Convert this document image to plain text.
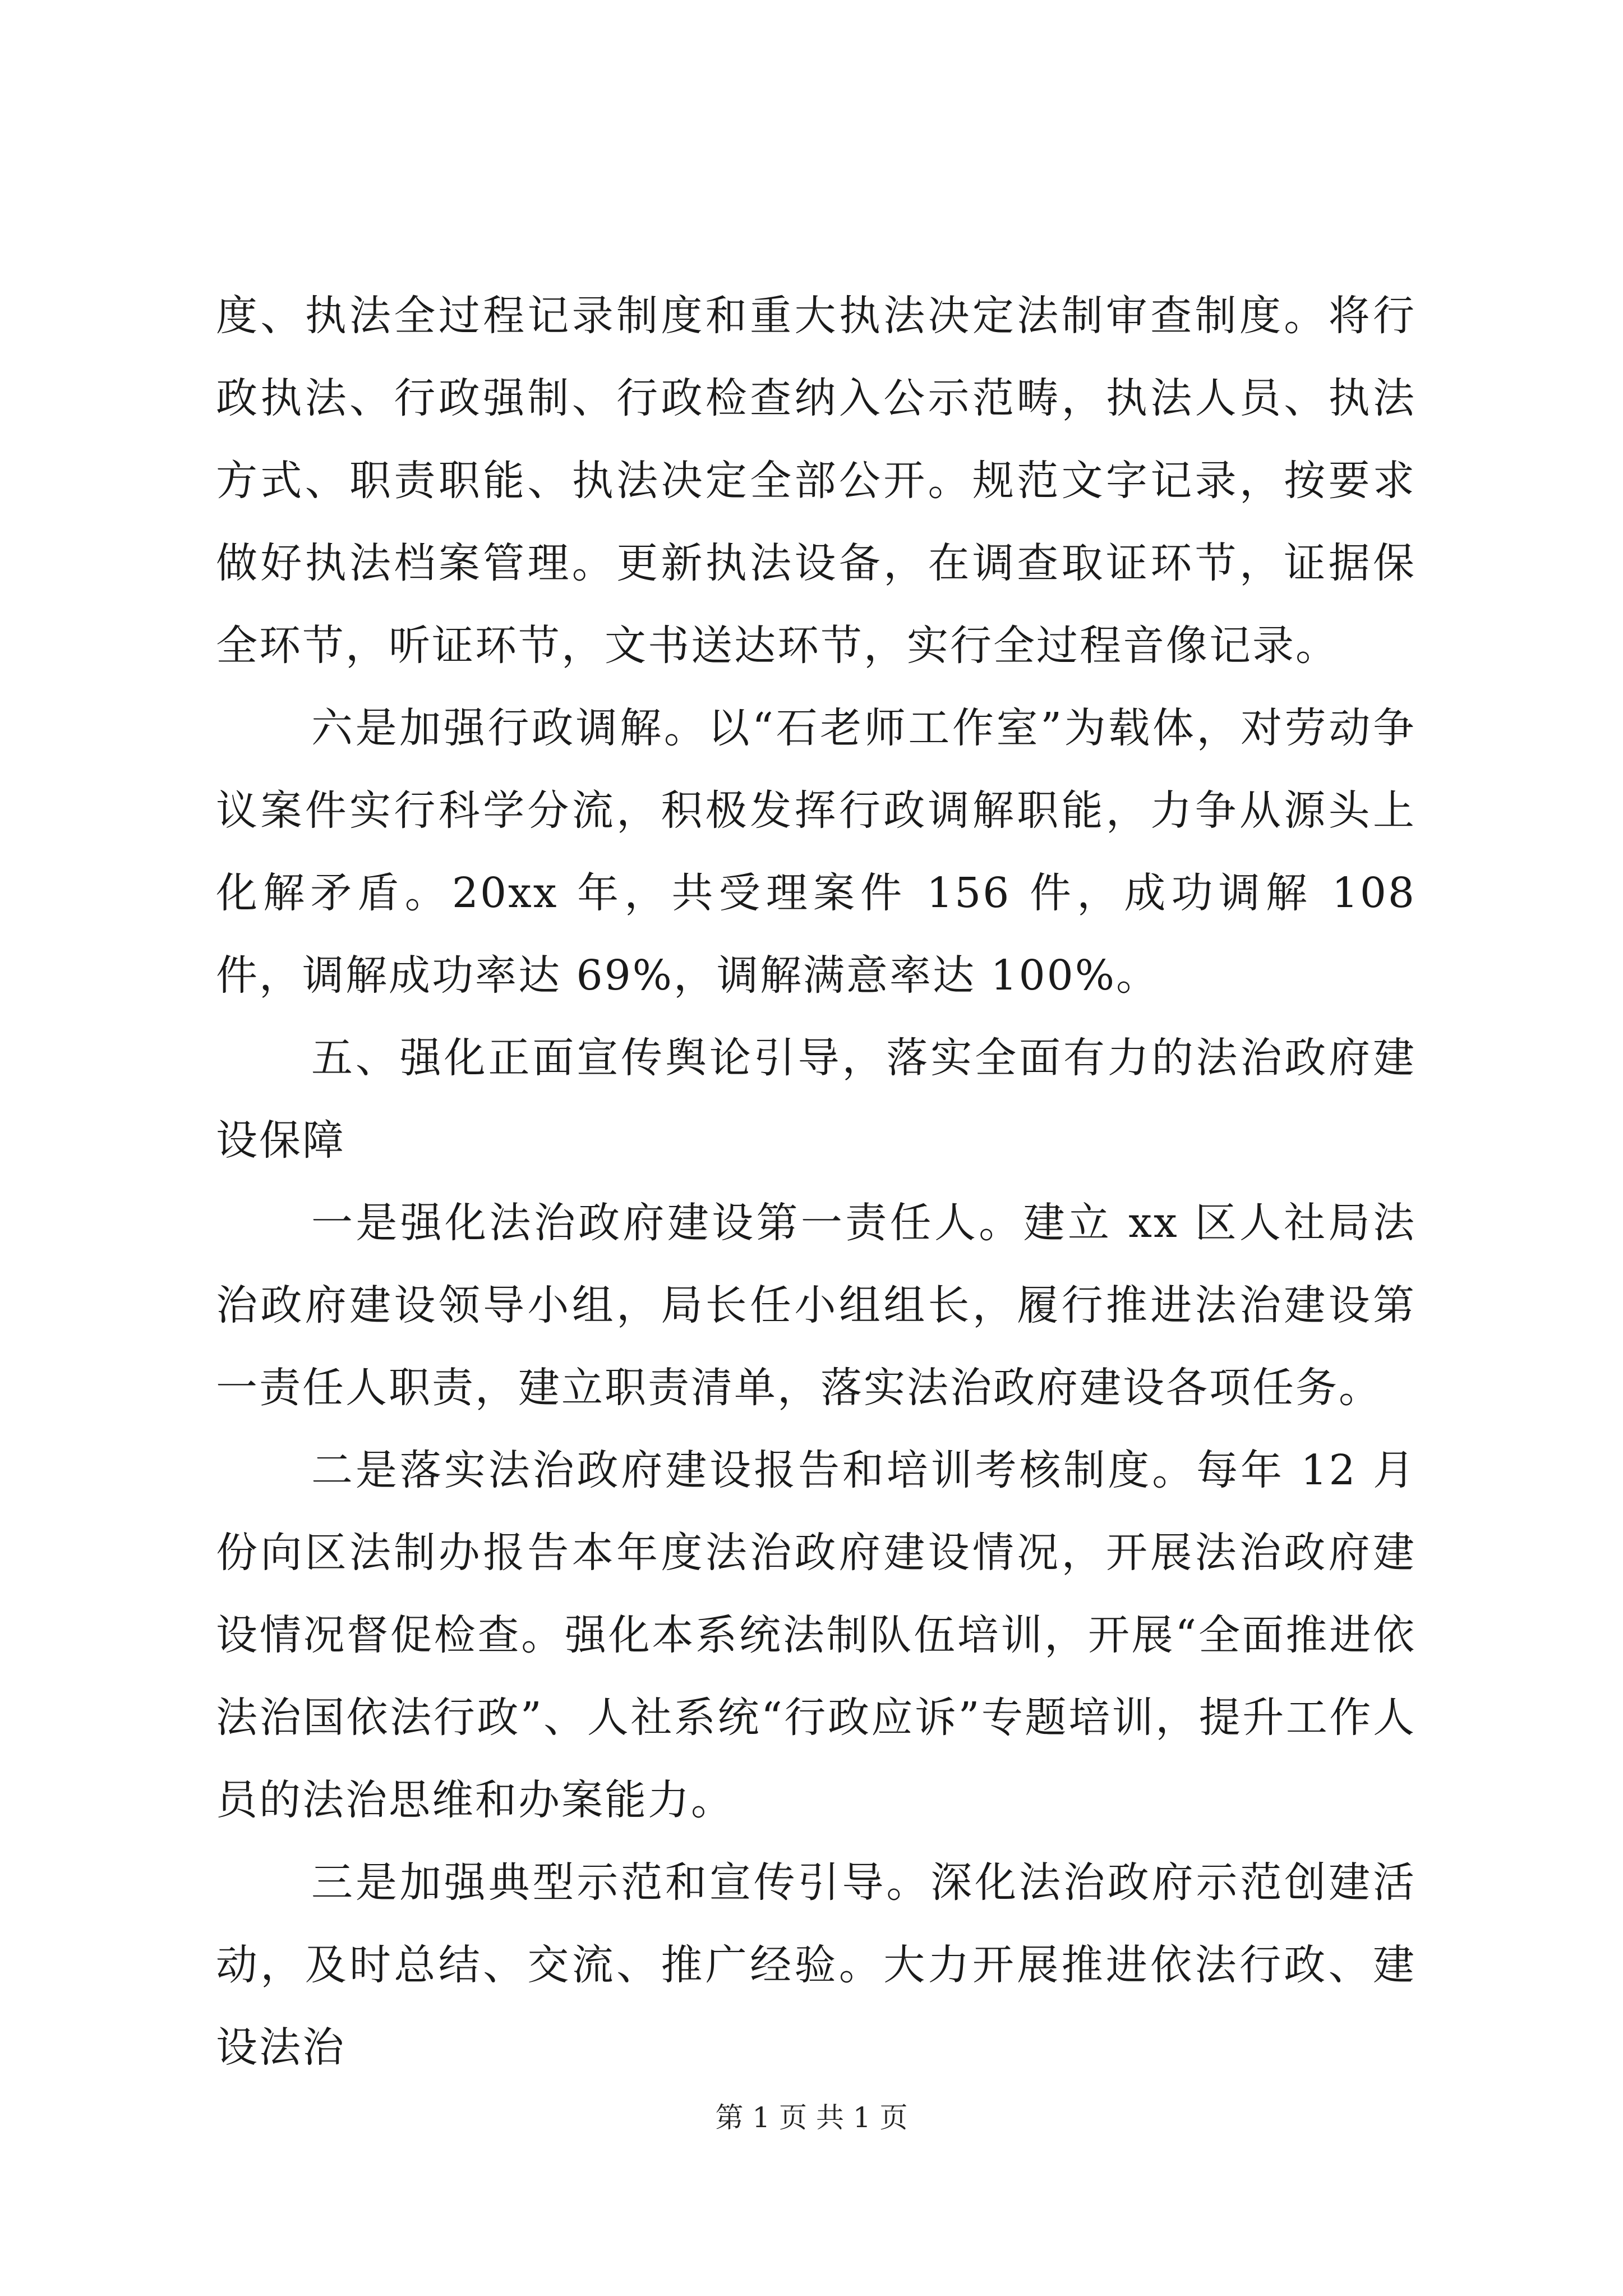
度、执法全过程记录制度和重大执法决定法制审查制度。将行政执法、行政强制、行政检查纳入公示范畴，执法人员、执法方式、职责职能、执法决定全部公开。规范文字记录，按要求做好执法档案管理。更新执法设备，在调查取证环节，证据保全环节，听证环节，文书送达环节，实行全过程音像记录。

六是加强行政调解。以“石老师工作室”为载体，对劳动争议案件实行科学分流，积极发挥行政调解职能，力争从源头上化解矛盾。20xx 年，共受理案件 156 件，成功调解 108 件，调解成功率达 69%，调解满意率达 100%。

五、强化正面宣传舆论引导，落实全面有力的法治政府建设保障

一是强化法治政府建设第一责任人。建立 xx 区人社局法治政府建设领导小组，局长任小组组长，履行推进法治建设第一责任人职责，建立职责清单，落实法治政府建设各项任务。

二是落实法治政府建设报告和培训考核制度。每年 12 月份向区法制办报告本年度法治政府建设情况，开展法治政府建设情况督促检查。强化本系统法制队伍培训，开展“全面推进依法治国依法行政”、人社系统“行政应诉”专题培训，提升工作人员的法治思维和办案能力。

三是加强典型示范和宣传引导。深化法治政府示范创建活动，及时总结、交流、推广经验。大力开展推进依法行政、建设法治

第 1 页 共 1 页
